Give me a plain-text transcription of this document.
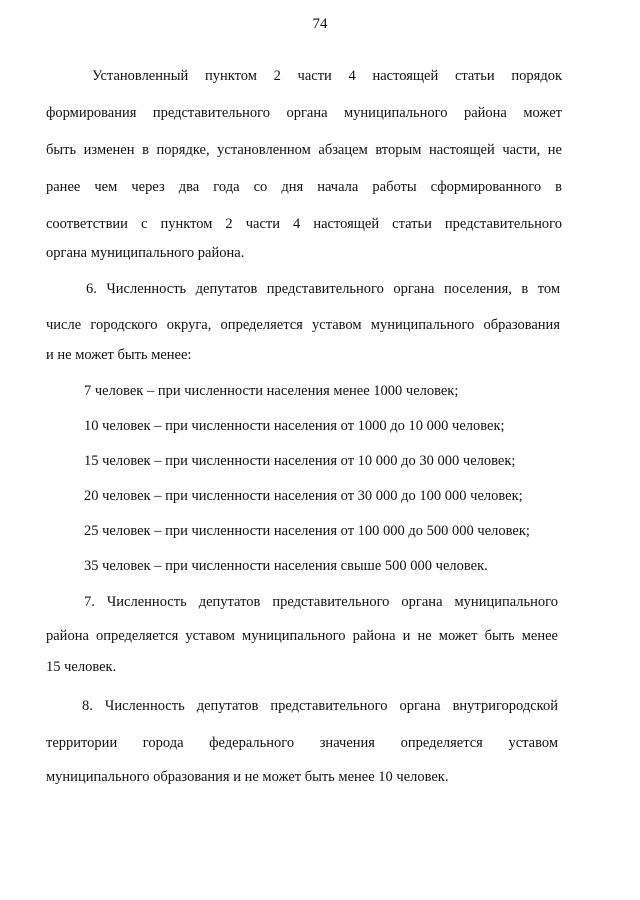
74
Установленный пунктом 2 части 4 настоящей статьи порядок
формирования представительного органа муниципального района может
быть изменен в порядке, установленном абзацем вторым настоящей части, не
ранее чем через два года со дня начала работы сформированного в
соответствии с пунктом 2 части 4 настоящей статьи представительного
органа муниципального района.
6. Численность депутатов представительного органа поселения, в том
числе городского округа, определяется уставом муниципального образования
и не может быть менее:
7 человек – при численности населения менее 1000 человек;
10 человек – при численности населения от 1000 до 10 000 человек;
15 человек – при численности населения от 10 000 до 30 000 человек;
20 человек – при численности населения от 30 000 до 100 000 человек;
25 человек – при численности населения от 100 000 до 500 000 человек;
35 человек – при численности населения свыше 500 000 человек.
7. Численность депутатов представительного органа муниципального
района определяется уставом муниципального района и не может быть менее
15 человек.
8. Численность депутатов представительного органа внутригородской
территории города федерального значения определяется уставом
муниципального образования и не может быть менее 10 человек.
